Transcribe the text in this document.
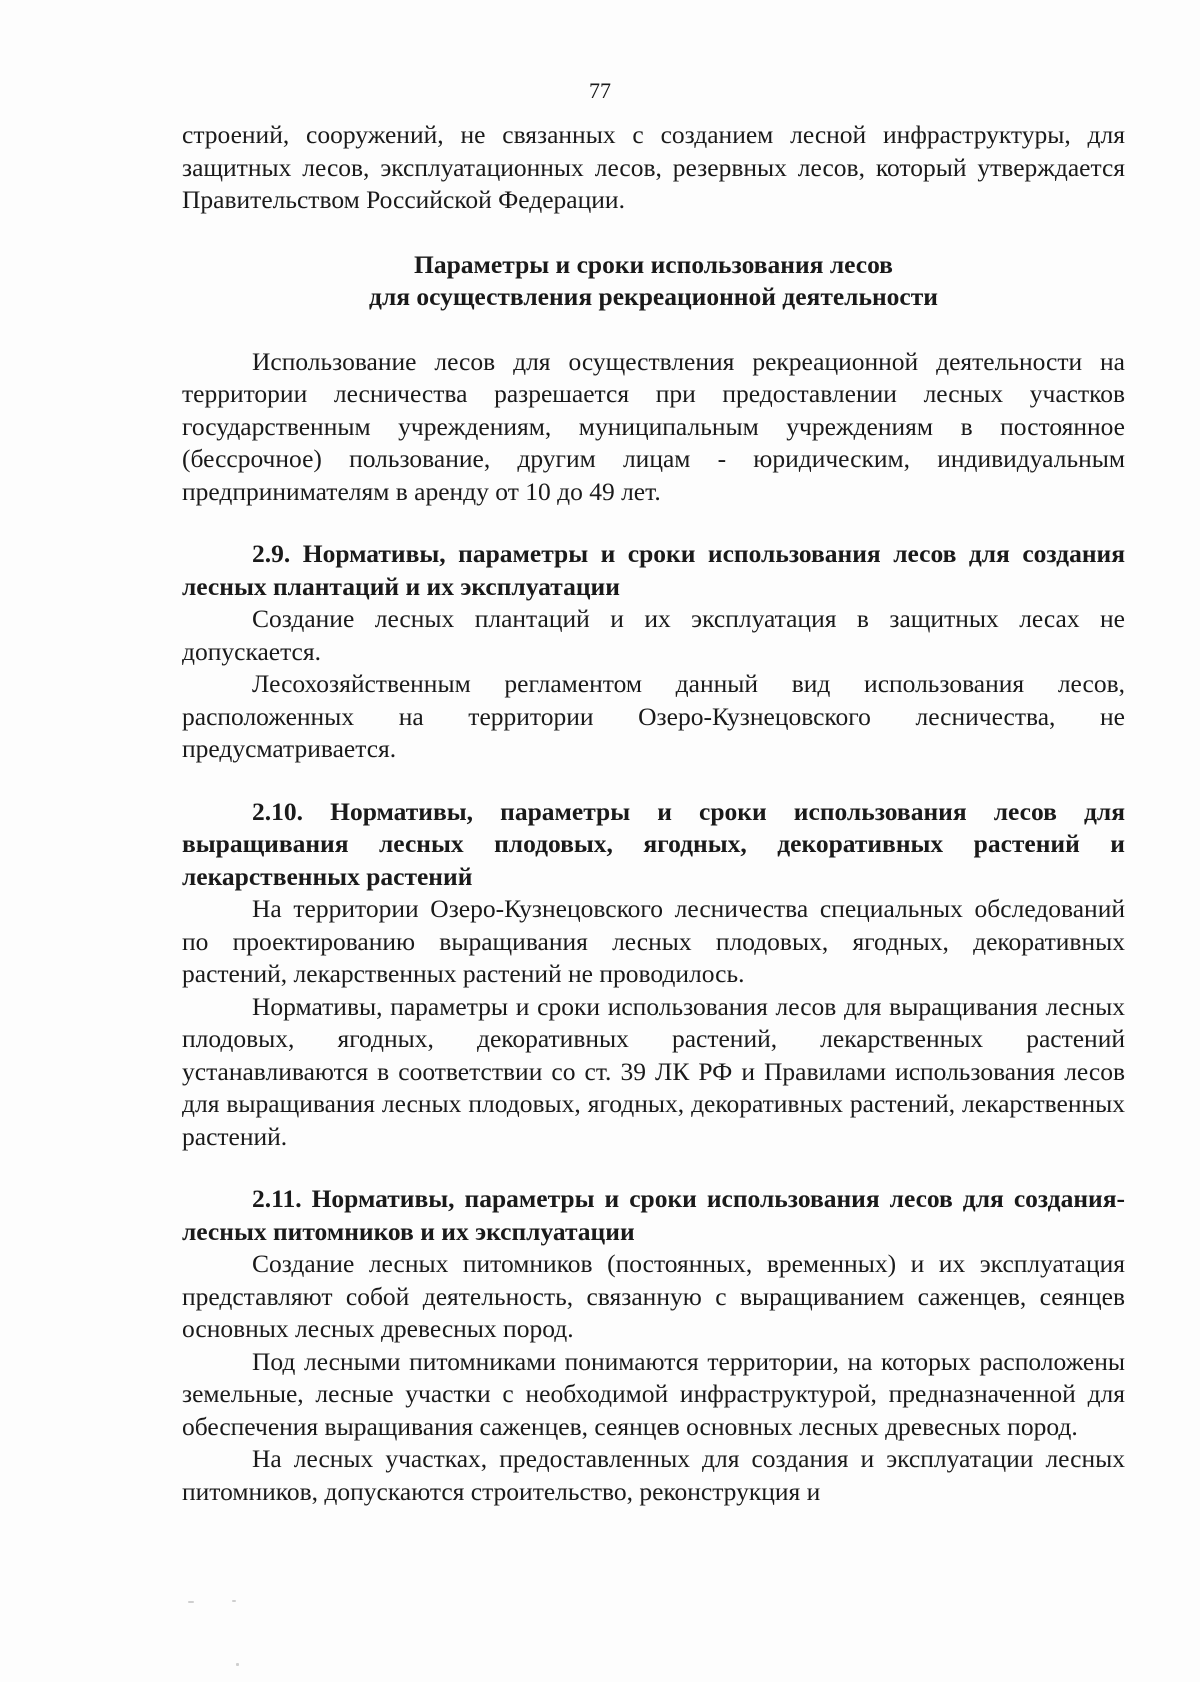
77

строений, сооружений, не связанных с созданием лесной инфраструктуры, для защитных лесов, эксплуатационных лесов, резервных лесов, который утверждается Правительством Российской Федерации.

Параметры и сроки использования лесов

для осуществления рекреационной деятельности

Использование лесов для осуществления рекреационной деятельности на территории лесничества разрешается при предоставлении лесных участков государственным учреждениям, муниципальным учреждениям в постоянное (бессрочное) пользование, другим лицам - юридическим, индивидуальным предпринимателям в аренду от 10 до 49 лет.

2.9. Нормативы, параметры и сроки использования лесов для создания лесных плантаций и их эксплуатации

Создание лесных плантаций и их эксплуатация в защитных лесах не допускается.

Лесохозяйственным регламентом данный вид использования лесов, расположенных на территории Озеро-Кузнецовского лесничества, не предусматривается.

2.10. Нормативы, параметры и сроки использования лесов для выращивания лесных плодовых, ягодных, декоративных растений и лекарственных растений

На территории Озеро-Кузнецовского лесничества специальных обследований по проектированию выращивания лесных плодовых, ягодных, декоративных растений, лекарственных растений не проводилось.

Нормативы, параметры и сроки использования лесов для выращивания лесных плодовых, ягодных, декоративных растений, лекарственных растений устанавливаются в соответствии со ст. 39 ЛК РФ и Правилами использования лесов для выращивания лесных плодовых, ягодных, декоративных растений, лекарственных растений.

2.11. Нормативы, параметры и сроки использования лесов для создания-лесных питомников и их эксплуатации

Создание лесных питомников (постоянных, временных) и их эксплуатация представляют собой деятельность, связанную с выращиванием саженцев, сеянцев основных лесных древесных пород.

Под лесными питомниками понимаются территории, на которых расположены земельные, лесные участки с необходимой инфраструктурой, предназначенной для обеспечения выращивания саженцев, сеянцев основных лесных древесных пород.

На лесных участках, предоставленных для создания и эксплуатации лесных питомников, допускаются строительство, реконструкция и
